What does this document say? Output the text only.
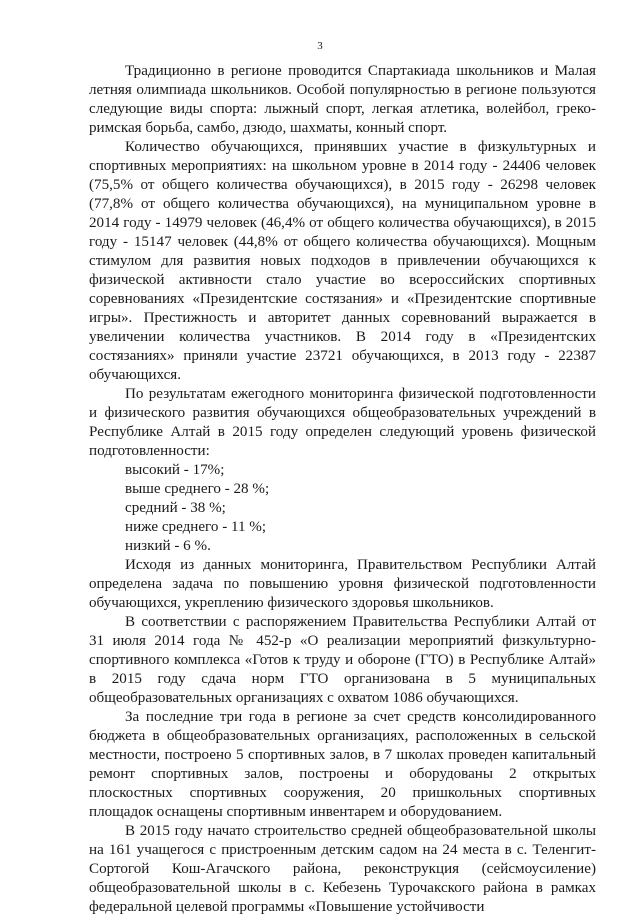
3

Традиционно в регионе проводится Спартакиада школьников и Малая летняя олимпиада школьников. Особой популярностью в регионе пользуются следующие виды спорта: лыжный спорт, легкая атлетика, волейбол, греко-римская борьба, самбо, дзюдо, шахматы, конный спорт.

Количество обучающихся, принявших участие в физкультурных и спортивных мероприятиях: на школьном уровне в 2014 году - 24406 человек (75,5% от общего количества обучающихся), в 2015 году - 26298 человек (77,8% от общего количества обучающихся), на муниципальном уровне в 2014 году - 14979 человек (46,4% от общего количества обучающихся), в 2015 году - 15147 человек (44,8% от общего количества обучающихся). Мощным стимулом для развития новых подходов в привлечении обучающихся к физической активности стало участие во всероссийских спортивных соревнованиях «Президентские состязания» и «Президентские спортивные игры». Престижность и авторитет данных соревнований выражается в увеличении количества участников. В 2014 году в «Президентских состязаниях» приняли участие 23721 обучающихся, в 2013 году - 22387 обучающихся.

По результатам ежегодного мониторинга физической подготовленности и физического развития обучающихся общеобразовательных учреждений в Республике Алтай в 2015 году определен следующий уровень физической подготовленности:

высокий - 17%;

выше среднего - 28 %;

средний - 38 %;

ниже среднего - 11 %;

низкий - 6 %.

Исходя из данных мониторинга, Правительством Республики Алтай определена задача по повышению уровня физической подготовленности обучающихся, укреплению физического здоровья школьников.

В соответствии с распоряжением Правительства Республики Алтай от 31 июля 2014 года № 452-р «О реализации мероприятий физкультурно-спортивного комплекса «Готов к труду и обороне (ГТО) в Республике Алтай» в 2015 году сдача норм ГТО организована в 5 муниципальных общеобразовательных организациях с охватом 1086 обучающихся.

За последние три года в регионе за счет средств консолидированного бюджета в общеобразовательных организациях, расположенных в сельской местности, построено 5 спортивных залов, в 7 школах проведен капитальный ремонт спортивных залов, построены и оборудованы 2 открытых плоскостных спортивных сооружения, 20 пришкольных спортивных площадок оснащены спортивным инвентарем и оборудованием.

В 2015 году начато строительство средней общеобразовательной школы на 161 учащегося с пристроенным детским садом на 24 места в с. Теленгит-Сортогой Кош-Агачского района, реконструкция (сейсмоусиление) общеобразовательной школы в с. Кебезень Турочакского района в рамках федеральной целевой программы «Повышение устойчивости
